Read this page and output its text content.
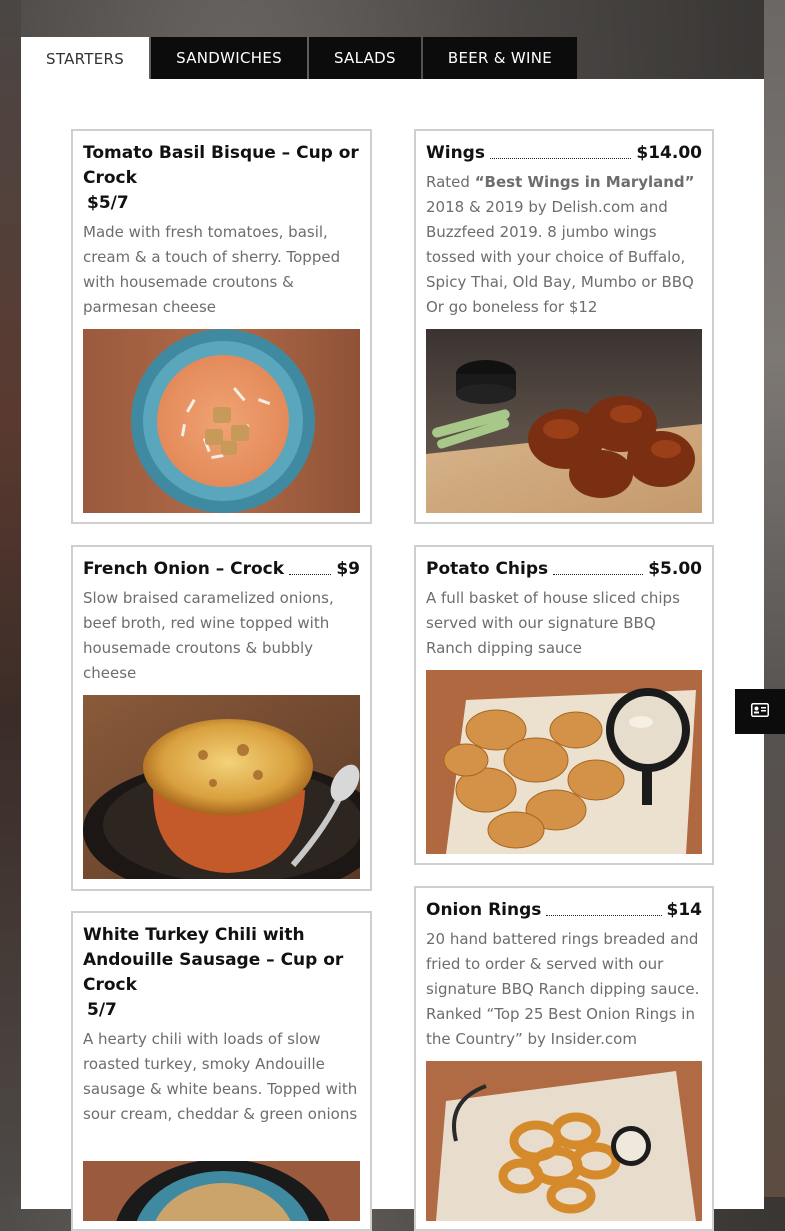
STARTERS	SANDWICHES	SALADS	BEER & WINE
Tomato Basil Bisque – Cup or Crock
$5/7
Made with fresh tomatoes, basil, cream & a touch of sherry. Topped with housemade croutons & parmesan cheese
Wings	$14.00
Rated “Best Wings in Maryland” 2018 & 2019 by Delish.com and Buzzfeed 2019. 8 jumbo wings tossed with your choice of Buffalo, Spicy Thai, Old Bay, Mumbo or BBQ Or go boneless for $12
French Onion – Crock	$9
Slow braised caramelized onions, beef broth, red wine topped with housemade croutons & bubbly cheese
Potato Chips	$5.00
A full basket of house sliced chips served with our signature BBQ Ranch dipping sauce
White Turkey Chili with Andouille Sausage – Cup or Crock
5/7
A hearty chili with loads of slow roasted turkey, smoky Andouille sausage & white beans. Topped with sour cream, cheddar & green onions
Onion Rings	$14
20 hand battered rings breaded and fried to order & served with our signature BBQ Ranch dipping sauce. Ranked “Top 25 Best Onion Rings in the Country” by Insider.com
